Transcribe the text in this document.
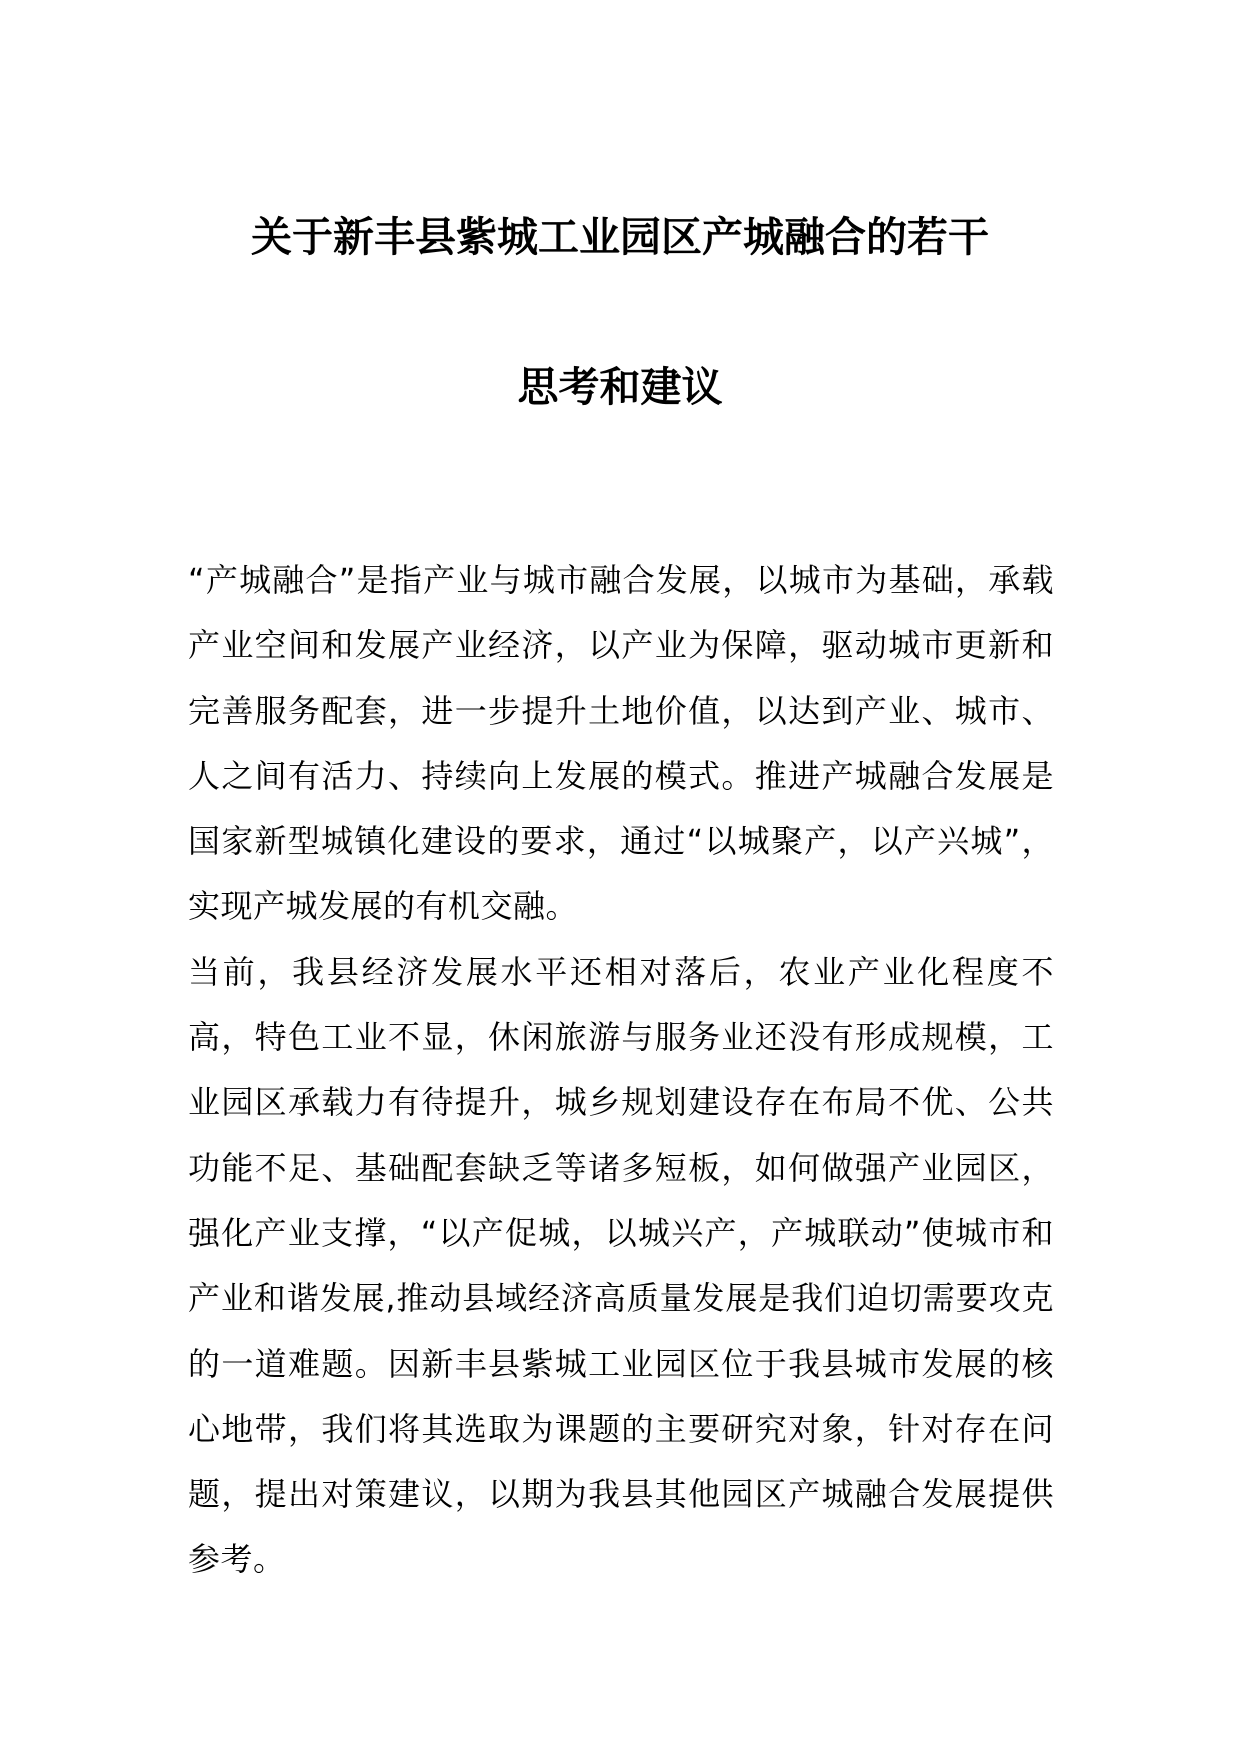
关于新丰县紫城工业园区产城融合的若干
思考和建议

“产城融合”是指产业与城市融合发展，以城市为基础，承载产业空间和发展产业经济，以产业为保障，驱动城市更新和完善服务配套，进一步提升土地价值，以达到产业、城市、人之间有活力、持续向上发展的模式。推进产城融合发展是国家新型城镇化建设的要求，通过“以城聚产，以产兴城”，实现产城发展的有机交融。

当前，我县经济发展水平还相对落后，农业产业化程度不高，特色工业不显，休闲旅游与服务业还没有形成规模，工业园区承载力有待提升，城乡规划建设存在布局不优、公共功能不足、基础配套缺乏等诸多短板，如何做强产业园区，强化产业支撑，“以产促城，以城兴产，产城联动”使城市和产业和谐发展,推动县域经济高质量发展是我们迫切需要攻克的一道难题。因新丰县紫城工业园区位于我县城市发展的核心地带，我们将其选取为课题的主要研究对象，针对存在问题，提出对策建议，以期为我县其他园区产城融合发展提供参考。
